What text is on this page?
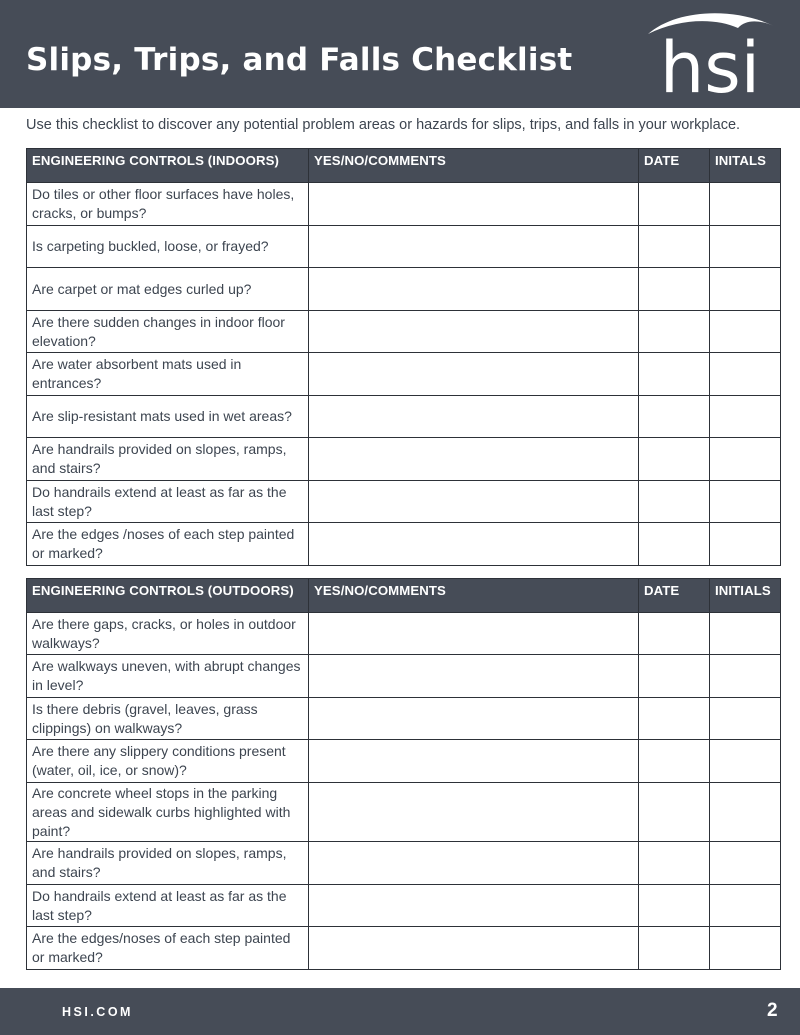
Slips, Trips, and Falls Checklist hsi
Use this checklist to discover any potential problem areas or hazards for slips, trips, and falls in your workplace.
ENGINEERING CONTROLS (INDOORS)	YES/NO/COMMENTS	DATE	INITALS
Do tiles or other floor surfaces have holes, cracks, or bumps?			
Is carpeting buckled, loose, or frayed?			
Are carpet or mat edges curled up?			
Are there sudden changes in indoor floor elevation?			
Are water absorbent mats used in entrances?			
Are slip-resistant mats used in wet areas?			
Are handrails provided on slopes, ramps, and stairs?			
Do handrails extend at least as far as the last step?			
Are the edges /noses of each step painted or marked?			
ENGINEERING CONTROLS (OUTDOORS)	YES/NO/COMMENTS	DATE	INITIALS
Are there gaps, cracks, or holes in outdoor walkways?			
Are walkways uneven, with abrupt changes in level?			
Is there debris (gravel, leaves, grass clippings) on walkways?			
Are there any slippery conditions present (water, oil, ice, or snow)?			
Are concrete wheel stops in the parking areas and sidewalk curbs highlighted with paint?			
Are handrails provided on slopes, ramps, and stairs?			
Do handrails extend at least as far as the last step?			
Are the edges/noses of each step painted or marked?			
HSI.COM	2
